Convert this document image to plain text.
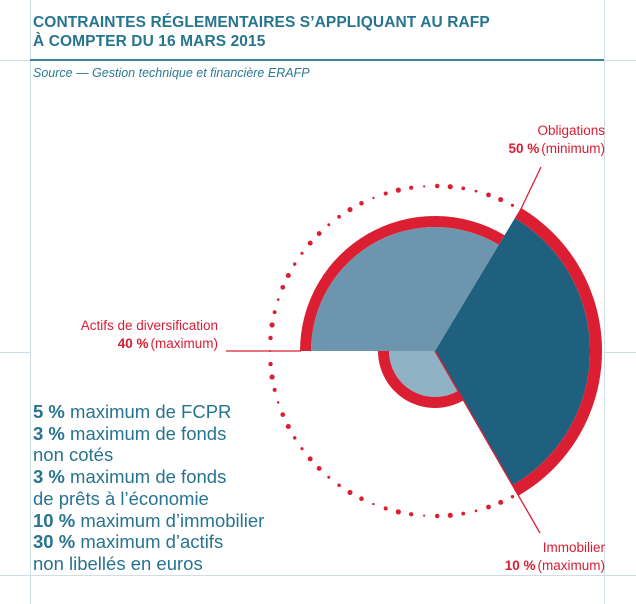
CONTRAINTES RÉGLEMENTAIRES S’APPLIQUANT AU RAFP
À COMPTER DU 16 MARS 2015
Source — Gestion technique et financière ERAFP
Obligations
50 % (minimum)
Actifs de diversification
40 % (maximum)
Immobilier
10 % (maximum)
5 % maximum de FCPR
3 % maximum de fonds
non cotés
3 % maximum de fonds
de prêts à l’économie
10 % maximum d’immobilier
30 % maximum d’actifs
non libellés en euros
